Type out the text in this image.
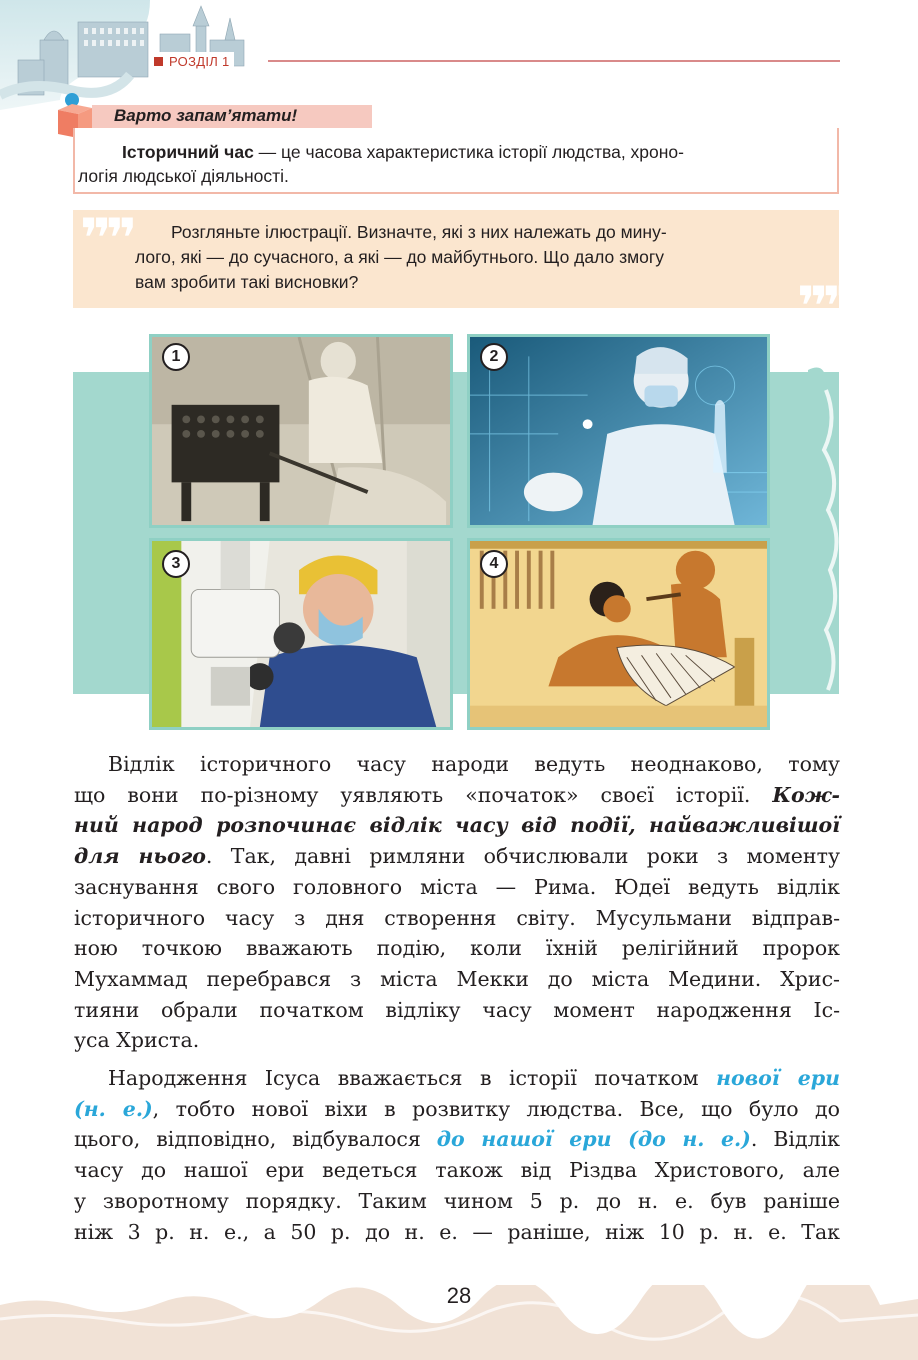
РОЗДІЛ 1
Варто запам’ятати!
Історичний час — це часова характеристика історії людства, хроно-
логія людської діяльності.
❞❞	Розгляньте ілюстрації. Визначте, які з них належать до мину-
лого, які — до сучасного, а які — до майбутнього. Що дало змогу
вам зробити такі висновки?	❞❞
1	2
3	4
Відлік історичного часу народи ведуть неоднаково, тому
що вони по-різному уявляють «початок» своєї історії. Кож-
ний народ розпочинає відлік часу від події, найважливішої
для нього. Так, давні римляни обчислювали роки з моменту
заснування свого головного міста — Рима. Юдеї ведуть відлік
історичного часу з дня створення світу. Мусульмани відправ-
ною точкою вважають подію, коли їхній релігійний пророк
Мухаммад перебрався з міста Мекки до міста Медини. Хрис-
тияни обрали початком відліку часу момент народження Іс-
уса Христа.
Народження Ісуса вважається в історії початком нової ери
(н. е.), тобто нової віхи в розвитку людства. Все, що було до
цього, відповідно, відбувалося до нашої ери (до н. е.). Відлік
часу до нашої ери ведеться також від Різдва Христового, але
у зворотному порядку. Таким чином 5 р. до н. е. був раніше
ніж 3 р. н. е., а 50 р. до н. е. — раніше, ніж 10 р. н. е. Так
28
